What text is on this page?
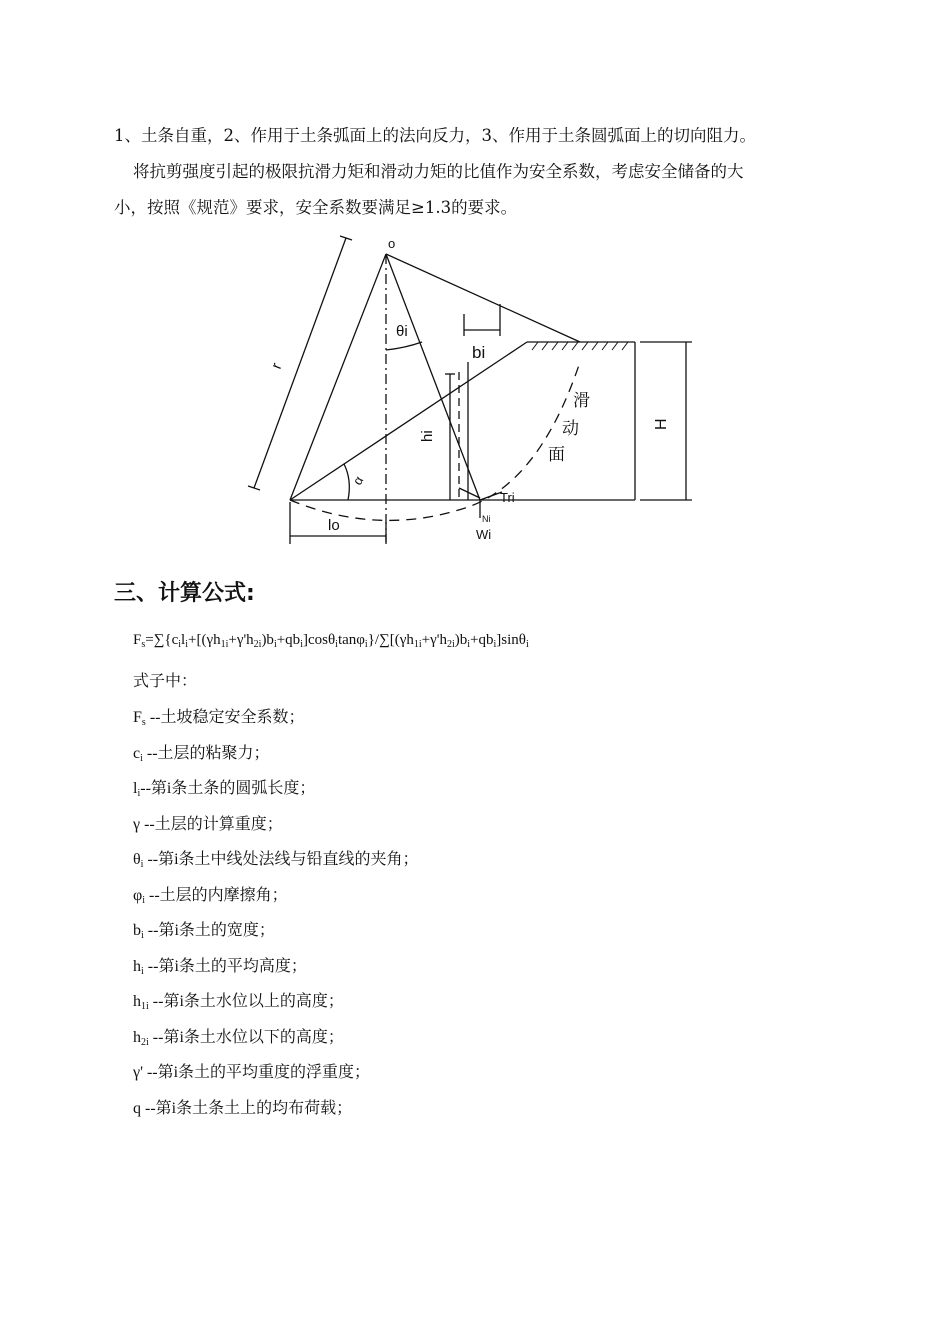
1、土条自重，2、作用于土条弧面上的法向反力，3、作用于土条圆弧面上的切向阻力。
将抗剪强度引起的极限抗滑力矩和滑动力矩的比值作为安全系数，考虑安全储备的大
小，按照《规范》要求，安全系数要满足≥1.3的要求。
o
r
θi
bi
hi
H
α
lo
滑
动
面
Tri
Ni
Wi
三、计算公式:
$F_s=\sum\{c_il_i+[(\gamma h_{1i}+\gamma'h_{2i})b_i+qb_i]\cos\theta_i\tan\varphi_i\}/\sum[(\gamma h_{1i}+\gamma'h_{2i})b_i+qb_i]\sin\theta_i$
式子中：
$F_s$ --土坡稳定安全系数；
$c_i$ --土层的粘聚力；
$l_i--$第i条土条的圆弧长度；
γ --土层的计算重度；
$\theta_i$ --第i条土中线处法线与铅直线的夹角；
$\varphi_i$ --土层的内摩擦角；
$b_i$ --第i条土的宽度；
$h_i$ --第i条土的平均高度；
$h_{1i}$ --第i条土水位以上的高度；
$h_{2i}$ --第i条土水位以下的高度；
γ' --第i条土的平均重度的浮重度；
q --第i条土条土上的均布荷载；
